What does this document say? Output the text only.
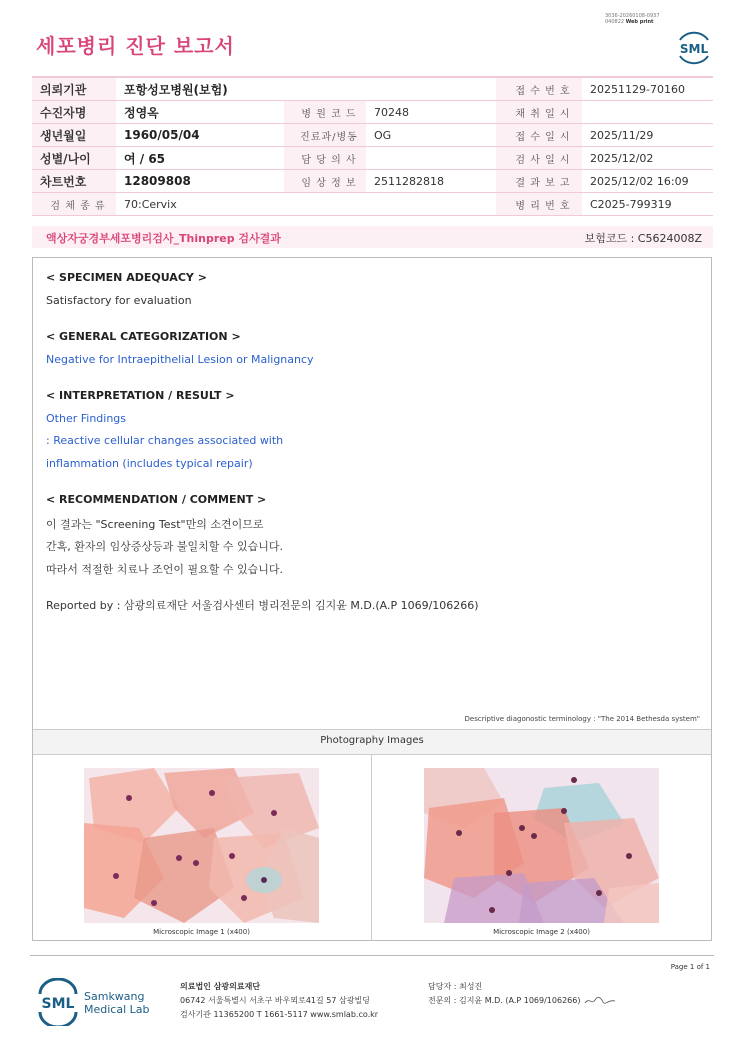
세포병리 진단 보고서
3036-20260108-0937
040822 Web print
SML
의뢰기관	포항성모병원(보험)			접 수 번 호	20251129-70160
수진자명	정영옥	병 원 코 드	70248	채 취 일 시	
생년월일	1960/05/04	진료과/병동	OG	접 수 일 시	2025/11/29
성별/나이	여 / 65	담 당 의 사		검 사 일 시	2025/12/02
차트번호	12809808	임 상 정 보	2511282818	결 과 보 고	2025/12/02 16:09
검 체 종 류	70:Cervix			병 리 번 호	C2025-799319
액상자궁경부세포병리검사_Thinprep 검사결과	보험코드 : C5624008Z
< SPECIMEN ADEQUACY >
Satisfactory for evaluation
< GENERAL CATEGORIZATION >
Negative for Intraepithelial Lesion or Malignancy
< INTERPRETATION / RESULT >
Other Findings
: Reactive cellular changes associated with
inflammation (includes typical repair)
< RECOMMENDATION / COMMENT >
이 결과는 "Screening Test"만의 소견이므로
간혹, 환자의 임상증상등과 불일치할 수 있습니다.
따라서 적절한 치료나 조언이 필요할 수 있습니다.
Reported by : 삼광의료재단 서울검사센터 병리전문의 김지윤 M.D.(A.P 1069/106266)
Descriptive diagonostic terminology : "The 2014 Bethesda system"
Photography Images
Microscopic Image 1 (x400)	Microscopic Image 2 (x400)
Page 1 of 1
SML Samkwang
Medical Lab
의료법인 삼광의료재단
06742 서울특별시 서초구 바우뫼로41길 57 삼광빌딩
검사기관 11365200 T 1661-5117 www.smlab.co.kr
담당자 : 최성진
전문의 : 김지윤 M.D. (A.P 1069/106266)
